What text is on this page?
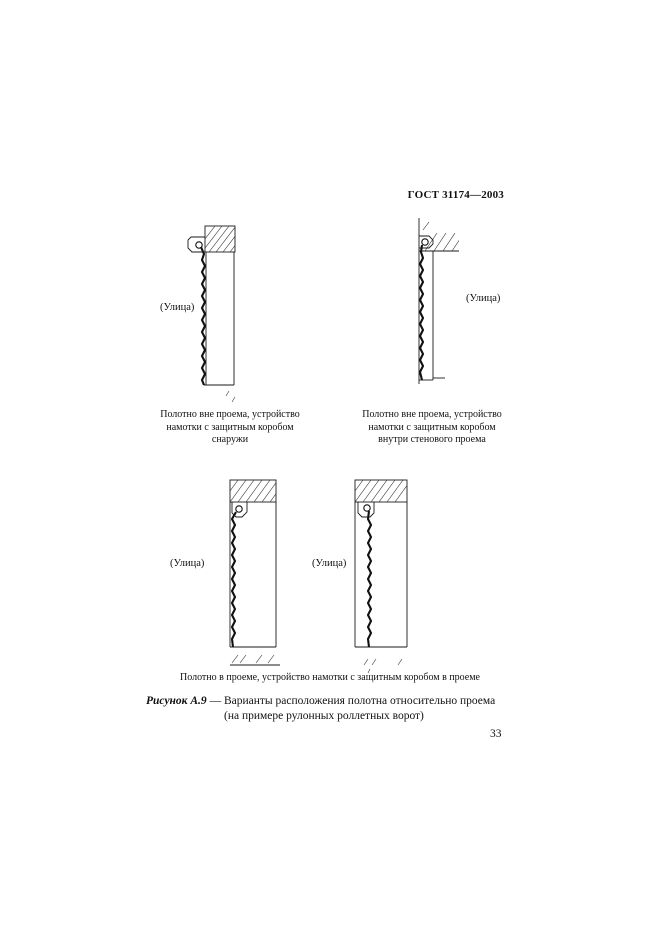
ГОСТ 31174—2003
(Улица)
(Улица)
(Улица)	(Улица)
Полотно вне проема, устройство
намотки с защитным коробом
снаружи
Полотно вне проема, устройство
намотки с защитным коробом
внутри стенового проема
Полотно в проеме, устройство намотки с защитным коробом в проеме
Рисунок А.9 — Варианты расположения полотна относительно проема
(на примере рулонных роллетных ворот)
33
